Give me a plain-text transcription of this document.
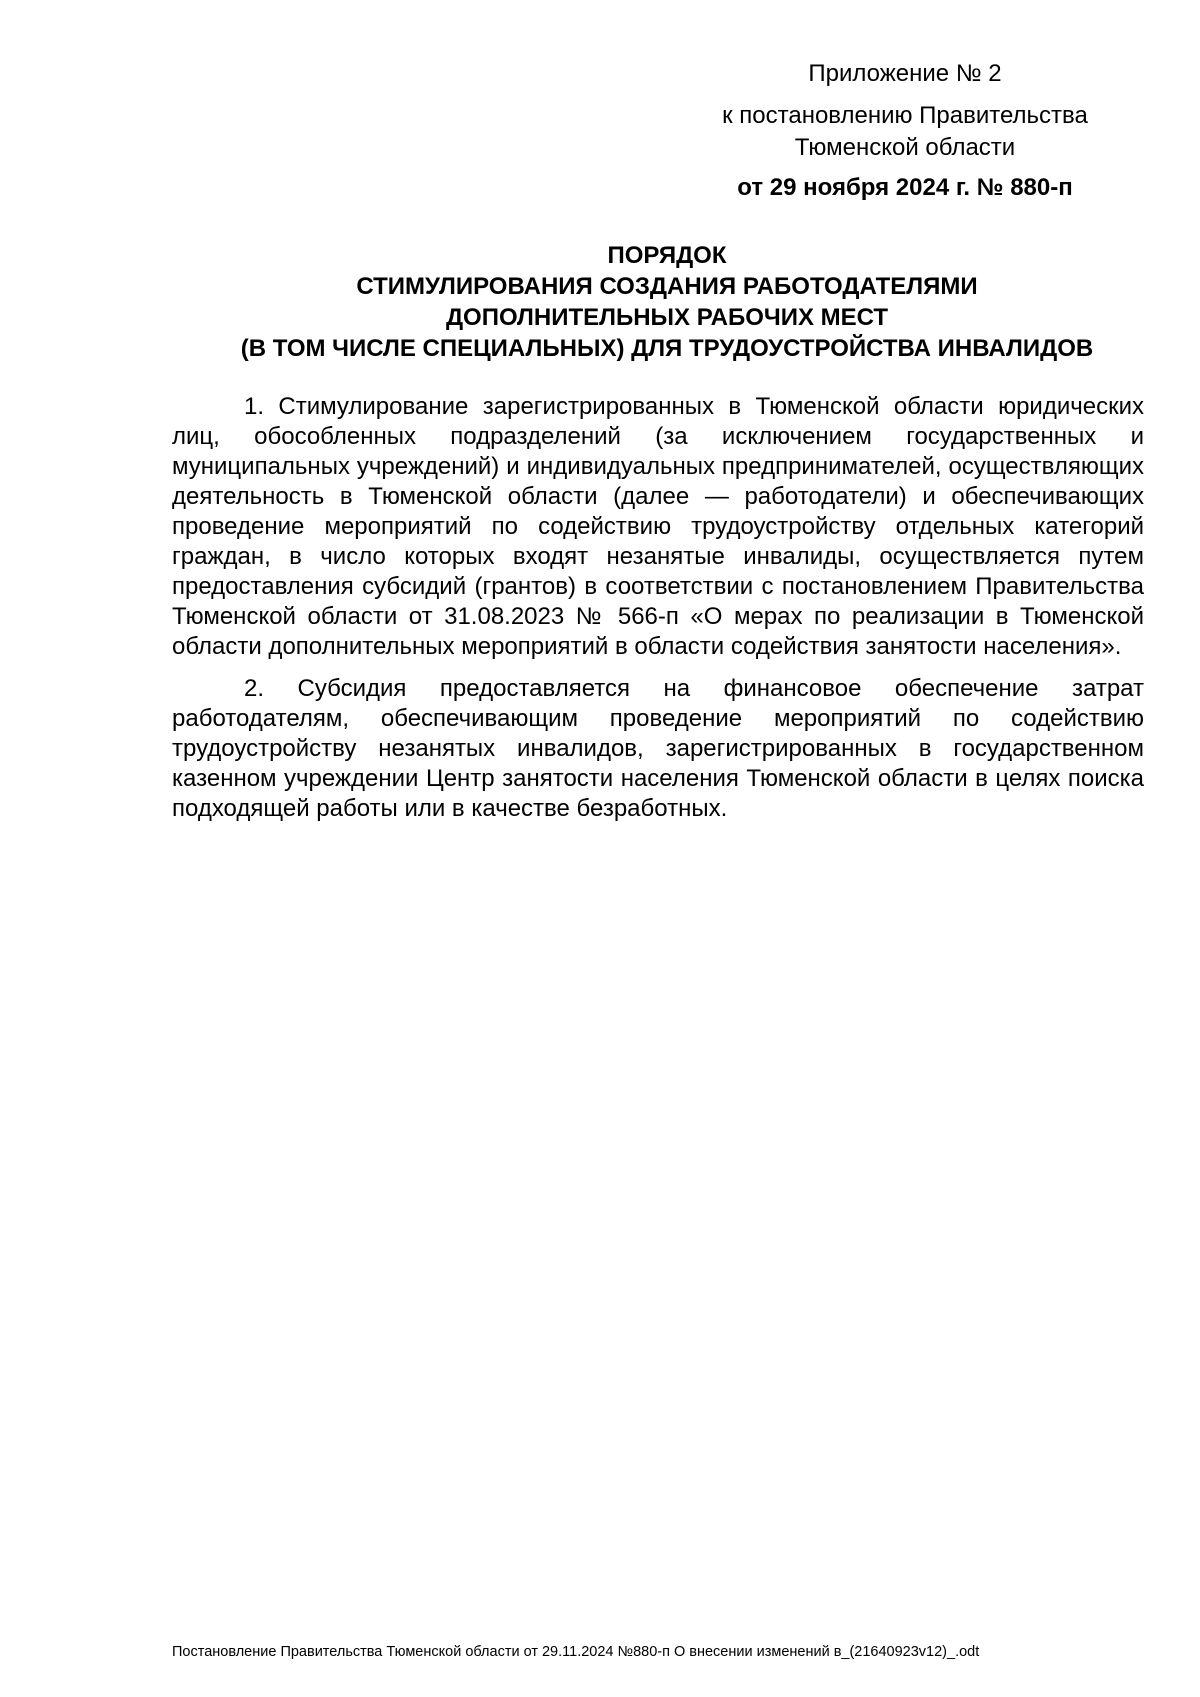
Приложение № 2
к постановлению Правительства
Тюменской области
от 29 ноября 2024 г. № 880-п
ПОРЯДОК
СТИМУЛИРОВАНИЯ СОЗДАНИЯ РАБОТОДАТЕЛЯМИ
ДОПОЛНИТЕЛЬНЫХ РАБОЧИХ МЕСТ
(В ТОМ ЧИСЛЕ СПЕЦИАЛЬНЫХ) ДЛЯ ТРУДОУСТРОЙСТВА ИНВАЛИДОВ

1. Стимулирование зарегистрированных в Тюменской области юридических лиц, обособленных подразделений (за исключением государственных и муниципальных учреждений) и индивидуальных предпринимателей, осуществляющих деятельность в Тюменской области (далее — работодатели) и обеспечивающих проведение мероприятий по содействию трудоустройству отдельных категорий граждан, в число которых входят незанятые инвалиды, осуществляется путем предоставления субсидий (грантов) в соответствии с постановлением Правительства Тюменской области от 31.08.2023 № 566-п «О мерах по реализации в Тюменской области дополнительных мероприятий в области содействия занятости населения».

2. Субсидия предоставляется на финансовое обеспечение затрат работодателям, обеспечивающим проведение мероприятий по содействию трудоустройству незанятых инвалидов, зарегистрированных в государственном казенном учреждении Центр занятости населения Тюменской области в целях поиска подходящей работы или в качестве безработных.

Постановление Правительства Тюменской области от 29.11.2024 №880-п О внесении изменений в_(21640923v12)_.odt
